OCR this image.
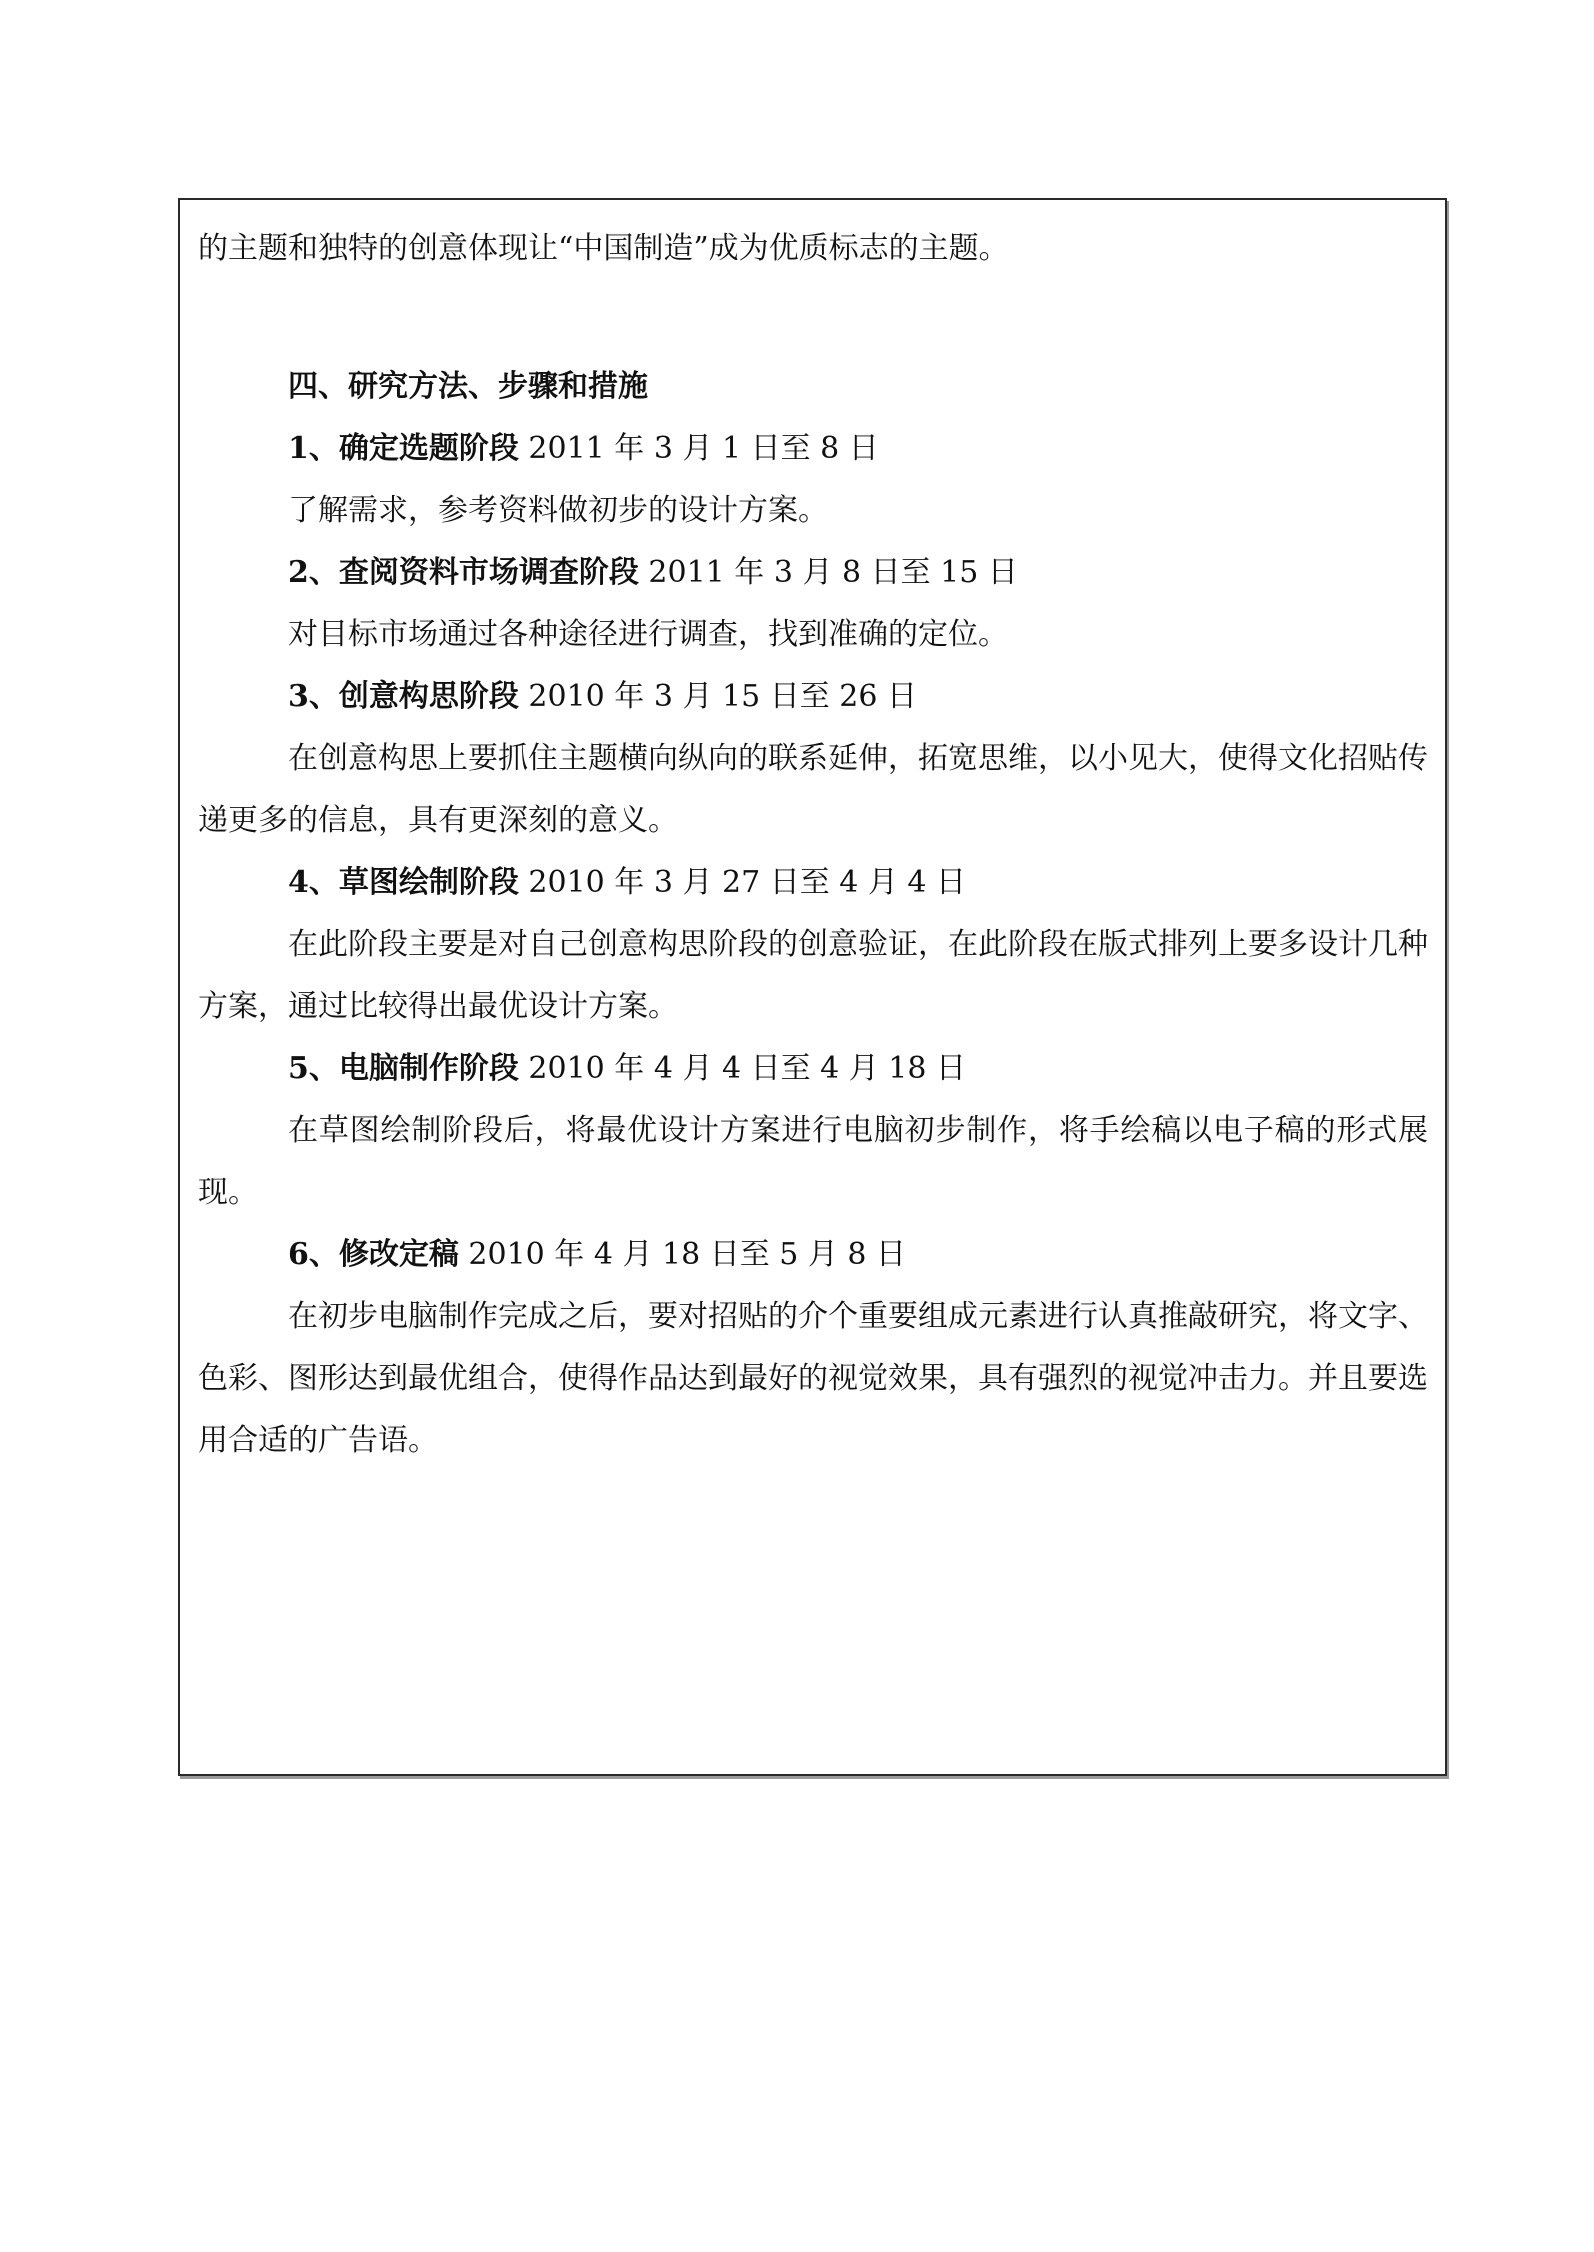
的主题和独特的创意体现让“中国制造”成为优质标志的主题。

四、研究方法、步骤和措施

1、确定选题阶段 2011 年 3 月 1 日至 8 日

了解需求，参考资料做初步的设计方案。

2、查阅资料市场调查阶段 2011 年 3 月 8 日至 15 日

对目标市场通过各种途径进行调查，找到准确的定位。

3、创意构思阶段 2010 年 3 月 15 日至 26 日

在创意构思上要抓住主题横向纵向的联系延伸，拓宽思维，以小见大，使得文化招贴传递更多的信息，具有更深刻的意义。

4、草图绘制阶段 2010 年 3 月 27 日至 4 月 4 日

在此阶段主要是对自己创意构思阶段的创意验证，在此阶段在版式排列上要多设计几种方案，通过比较得出最优设计方案。

5、电脑制作阶段 2010 年 4 月 4 日至 4 月 18 日

在草图绘制阶段后，将最优设计方案进行电脑初步制作，将手绘稿以电子稿的形式展现。

6、修改定稿 2010 年 4 月 18 日至 5 月 8 日

在初步电脑制作完成之后，要对招贴的介个重要组成元素进行认真推敲研究，将文字、色彩、图形达到最优组合，使得作品达到最好的视觉效果，具有强烈的视觉冲击力。并且要选用合适的广告语。
